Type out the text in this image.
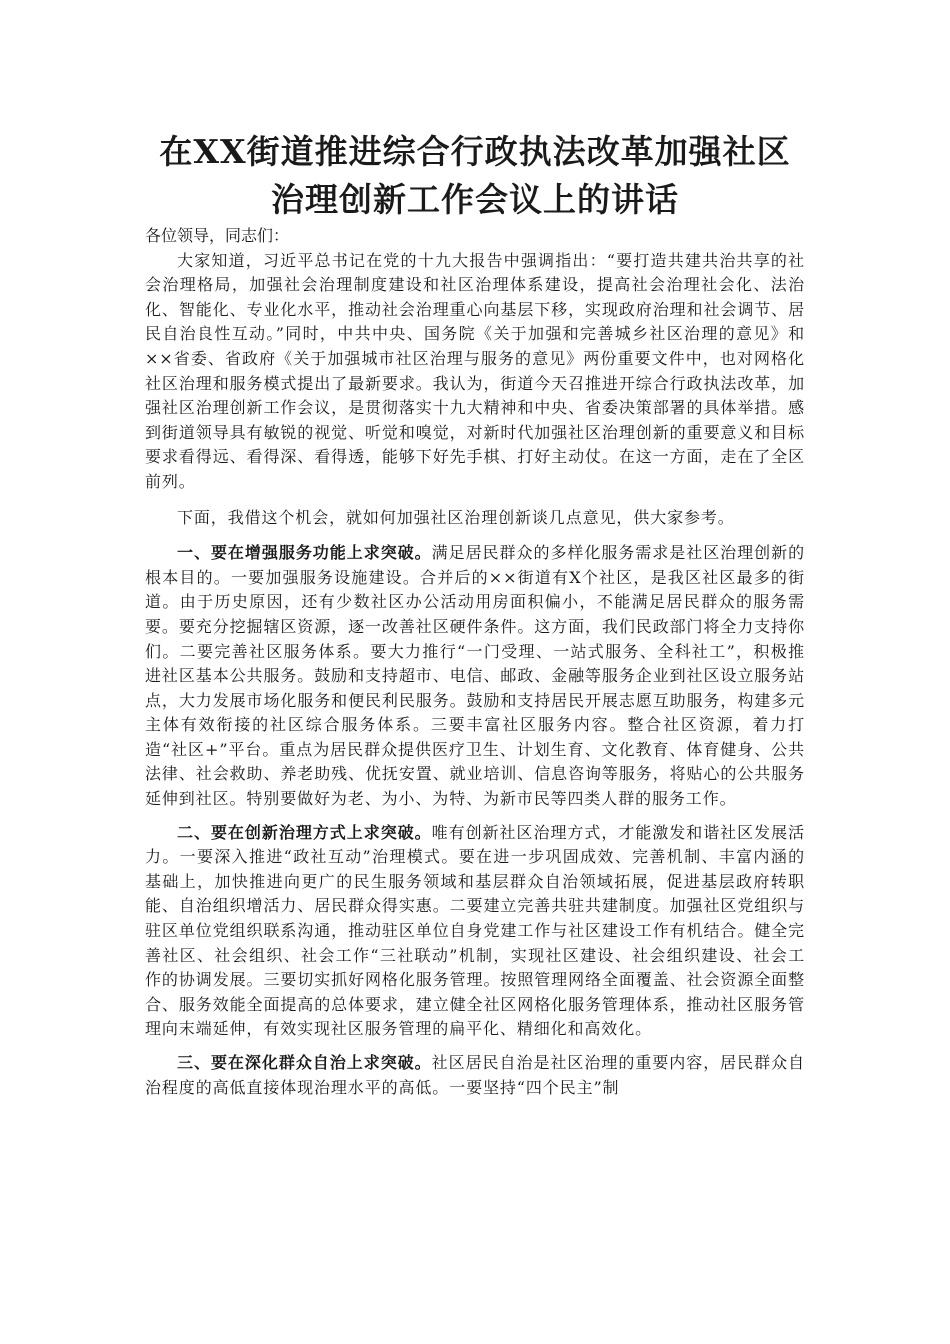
在XX街道推进综合行政执法改革加强社区
治理创新工作会议上的讲话

各位领导，同志们：

大家知道，习近平总书记在党的十九大报告中强调指出：“要打造共建共治共享的社会治理格局，加强社会治理制度建设和社区治理体系建设，提高社会治理社会化、法治化、智能化、专业化水平，推动社会治理重心向基层下移，实现政府治理和社会调节、居民自治良性互动。”同时，中共中央、国务院《关于加强和完善城乡社区治理的意见》和××省委、省政府《关于加强城市社区治理与服务的意见》两份重要文件中，也对网格化社区治理和服务模式提出了最新要求。我认为，街道今天召推进开综合行政执法改革，加强社区治理创新工作会议，是贯彻落实十九大精神和中央、省委决策部署的具体举措。感到街道领导具有敏锐的视觉、听觉和嗅觉，对新时代加强社区治理创新的重要意义和目标要求看得远、看得深、看得透，能够下好先手棋、打好主动仗。在这一方面，走在了全区前列。

下面，我借这个机会，就如何加强社区治理创新谈几点意见，供大家参考。

一、要在增强服务功能上求突破。满足居民群众的多样化服务需求是社区治理创新的根本目的。一要加强服务设施建设。合并后的××街道有X个社区，是我区社区最多的街道。由于历史原因，还有少数社区办公活动用房面积偏小，不能满足居民群众的服务需要。要充分挖掘辖区资源，逐一改善社区硬件条件。这方面，我们民政部门将全力支持你们。二要完善社区服务体系。要大力推行“一门受理、一站式服务、全科社工”，积极推进社区基本公共服务。鼓励和支持超市、电信、邮政、金融等服务企业到社区设立服务站点，大力发展市场化服务和便民利民服务。鼓励和支持居民开展志愿互助服务，构建多元主体有效衔接的社区综合服务体系。三要丰富社区服务内容。整合社区资源，着力打造“社区+”平台。重点为居民群众提供医疗卫生、计划生育、文化教育、体育健身、公共法律、社会救助、养老助残、优抚安置、就业培训、信息咨询等服务，将贴心的公共服务延伸到社区。特别要做好为老、为小、为特、为新市民等四类人群的服务工作。

二、要在创新治理方式上求突破。唯有创新社区治理方式，才能激发和谐社区发展活力。一要深入推进“政社互动”治理模式。要在进一步巩固成效、完善机制、丰富内涵的基础上，加快推进向更广的民生服务领域和基层群众自治领域拓展，促进基层政府转职能、自治组织增活力、居民群众得实惠。二要建立完善共驻共建制度。加强社区党组织与驻区单位党组织联系沟通，推动驻区单位自身党建工作与社区建设工作有机结合。健全完善社区、社会组织、社会工作“三社联动”机制，实现社区建设、社会组织建设、社会工作的协调发展。三要切实抓好网格化服务管理。按照管理网络全面覆盖、社会资源全面整合、服务效能全面提高的总体要求，建立健全社区网格化服务管理体系，推动社区服务管理向末端延伸，有效实现社区服务管理的扁平化、精细化和高效化。

三、要在深化群众自治上求突破。社区居民自治是社区治理的重要内容，居民群众自治程度的高低直接体现治理水平的高低。一要坚持“四个民主”制
